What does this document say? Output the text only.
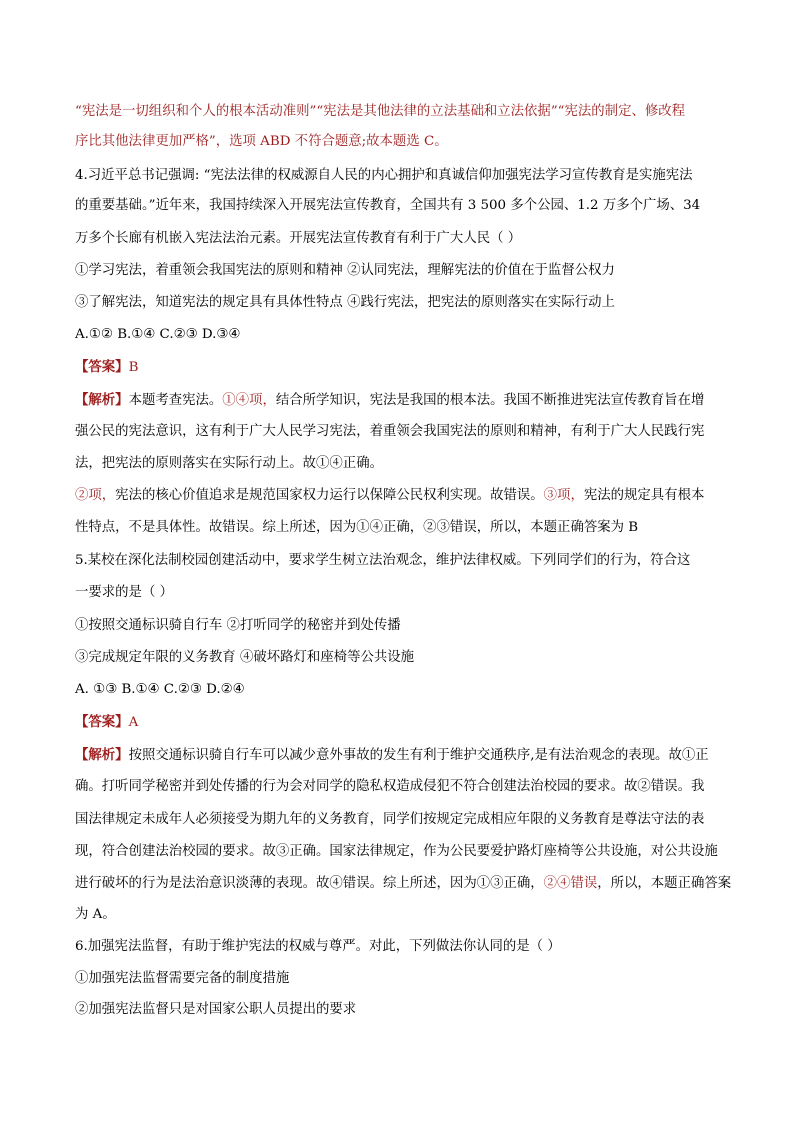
“宪法是一切组织和个人的根本活动准则”“宪法是其他法律的立法基础和立法依据”“宪法的制定、修改程
序比其他法律更加严格”，选项 ABD 不符合题意;故本题选 C。
4.习近平总书记强调: “宪法法律的权威源自人民的内心拥护和真诚信仰加强宪法学习宣传教育是实施宪法
的重要基础。”近年来，我国持续深入开展宪法宣传教育，全国共有 3 500 多个公园、1.2 万多个广场、34
万多个长廊有机嵌入宪法法治元素。开展宪法宣传教育有利于广大人民（ ）
①学习宪法，着重领会我国宪法的原则和精神 ②认同宪法，理解宪法的价值在于监督公权力
③了解宪法，知道宪法的规定具有具体性特点 ④践行宪法，把宪法的原则落实在实际行动上
A.①② B.①④ C.②③ D.③④
【答案】B
【解析】本题考查宪法。①④项，结合所学知识，宪法是我国的根本法。我国不断推进宪法宣传教育旨在增
强公民的宪法意识，这有利于广大人民学习宪法，着重领会我国宪法的原则和精神，有利于广大人民践行宪
法，把宪法的原则落实在实际行动上。故①④正确。
②项，宪法的核心价值追求是规范国家权力运行以保障公民权利实现。故错误。③项，宪法的规定具有根本
性特点，不是具体性。故错误。综上所述，因为①④正确，②③错误，所以，本题正确答案为 B
5.某校在深化法制校园创建活动中，要求学生树立法治观念，维护法律权威。下列同学们的行为，符合这
一要求的是（ ）
①按照交通标识骑自行车 ②打听同学的秘密并到处传播
③完成规定年限的义务教育 ④破坏路灯和座椅等公共设施
A. ①③ B.①④ C.②③ D.②④
【答案】A
【解析】按照交通标识骑自行车可以减少意外事故的发生有利于维护交通秩序,是有法治观念的表现。故①正
确。打听同学秘密并到处传播的行为会对同学的隐私权造成侵犯不符合创建法治校园的要求。故②错误。我
国法律规定未成年人必须接受为期九年的义务教育，同学们按规定完成相应年限的义务教育是尊法守法的表
现，符合创建法治校园的要求。故③正确。国家法律规定，作为公民要爱护路灯座椅等公共设施，对公共设施
进行破坏的行为是法治意识淡薄的表现。故④错误。综上所述，因为①③正确，②④错误，所以，本题正确答案
为 A。
6.加强宪法监督，有助于维护宪法的权威与尊严。对此，下列做法你认同的是（ ）
①加强宪法监督需要完备的制度措施
②加强宪法监督只是对国家公职人员提出的要求
